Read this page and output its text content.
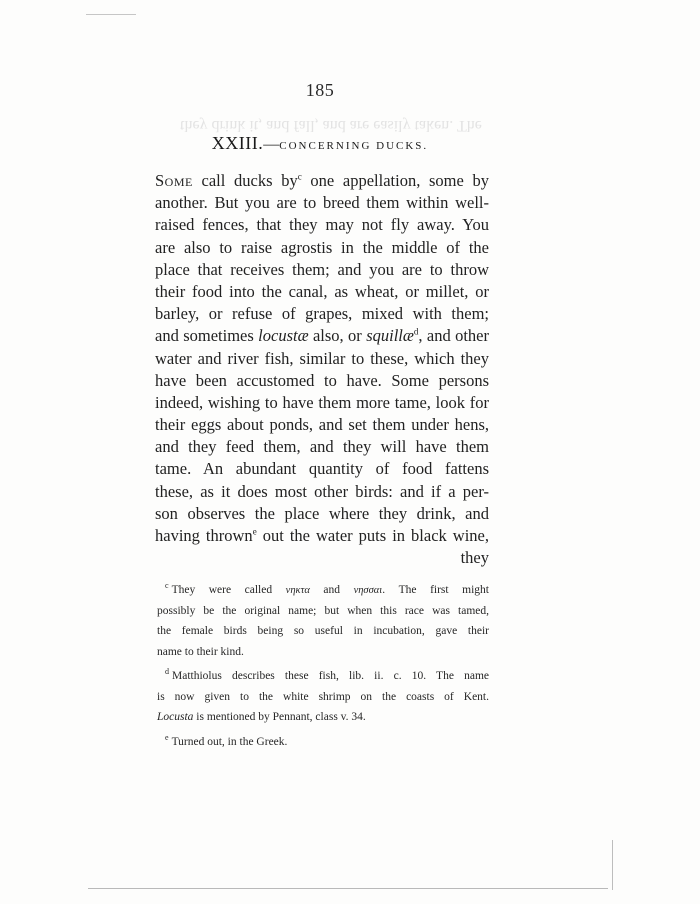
they drink it, and fall, and are easily taken. The
185
XXIII.—CONCERNING DUCKS.
Some call ducks by$^c$ one appellation, some by
another. But you are to breed them within well-
raised fences, that they may not fly away. You
are also to raise agrostis in the middle of the
place that receives them; and you are to throw
their food into the canal, as wheat, or millet, or
barley, or refuse of grapes, mixed with them;
and sometimes locustæ also, or squillæ$^d$, and other
water and river fish, similar to these, which they
have been accustomed to have. Some persons
indeed, wishing to have them more tame, look for
their eggs about ponds, and set them under hens,
and they feed them, and they will have them
tame. An abundant quantity of food fattens
these, as it does most other birds: and if a per-
son observes the place where they drink, and
having thrown$^e$ out the water puts in black wine,
they
$^c$ They were called νηκτα and νησσαι. The first might
possibly be the original name; but when this race was tamed,
the female birds being so useful in incubation, gave their
name to their kind.
$^d$ Matthiolus describes these fish, lib. ii. c. 10. The name
is now given to the white shrimp on the coasts of Kent.
Locusta is mentioned by Pennant, class v. 34.
$^e$ Turned out, in the Greek.
